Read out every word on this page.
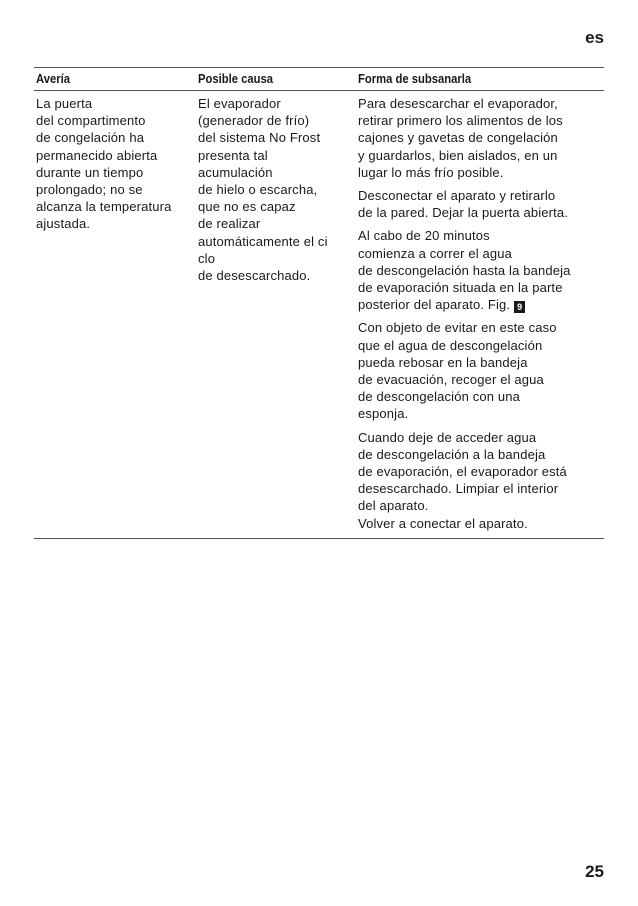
es
Avería	Posible causa	Forma de subsanarla
La puerta
del compartimento
de congelación ha
permanecido abierta
durante un tiempo
prolongado; no se
alcanza la temperatura
ajustada.
El evaporador
(generador de frío)
del sistema No Frost
presenta tal
acumulación
de hielo o escarcha,
que no es capaz
de realizar
automáticamente el ci
clo
de desescarchado.

Para desescarchar el evaporador,
retirar primero los alimentos de los
cajones y gavetas de congelación
y guardarlos, bien aislados, en un
lugar lo más frío posible.

Desconectar el aparato y retirarlo
de la pared. Dejar la puerta abierta.

Al cabo de 20 minutos
comienza a correr el agua
de descongelación hasta la bandeja
de evaporación situada en la parte
posterior del aparato. Fig. 9

Con objeto de evitar en este caso
que el agua de descongelación
pueda rebosar en la bandeja
de evacuación, recoger el agua
de descongelación con una
esponja.

Cuando deje de acceder agua
de descongelación a la bandeja
de evaporación, el evaporador está
desescarchado. Limpiar el interior
del aparato.
Volver a conectar el aparato.

25
